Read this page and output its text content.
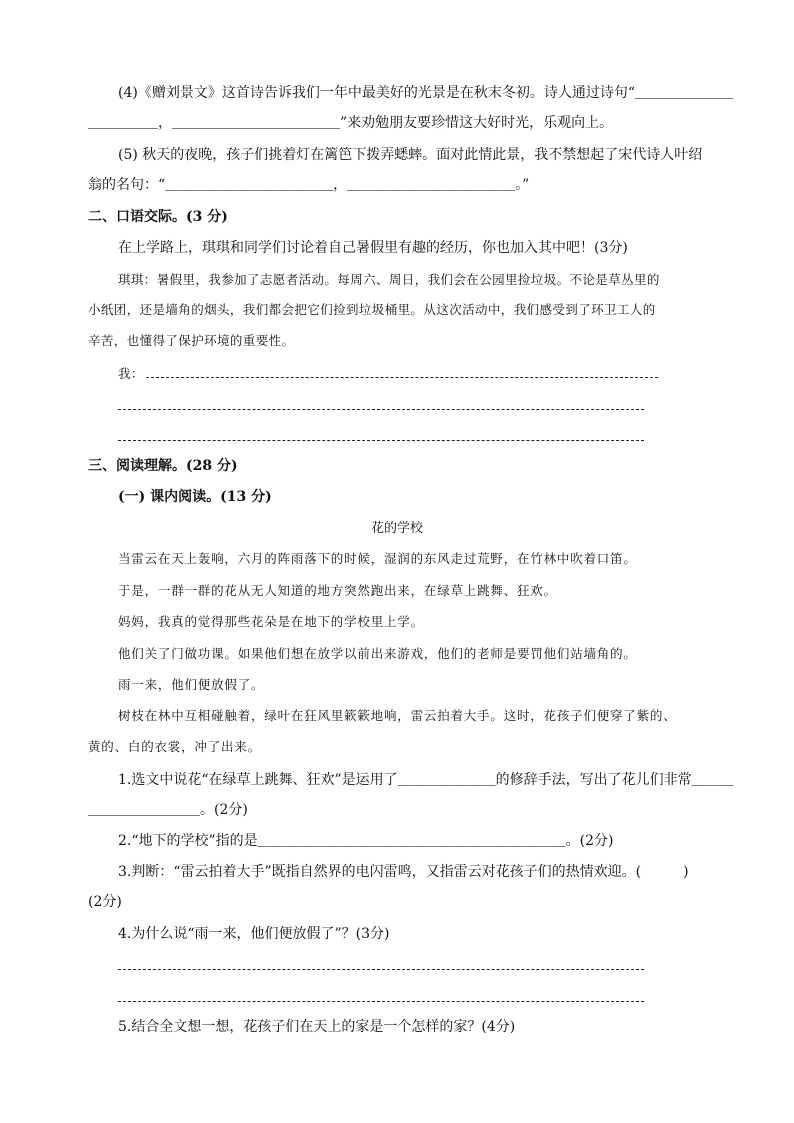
(4)《赠刘景文》这首诗告诉我们一年中最美好的光景是在秋末冬初。诗人通过诗句“＿＿＿＿＿＿＿
＿＿＿＿＿，＿＿＿＿＿＿＿＿＿＿＿＿”来劝勉朋友要珍惜这大好时光，乐观向上。
(5) 秋天的夜晚，孩子们挑着灯在篱笆下拨弄蟋蟀。面对此情此景，我不禁想起了宋代诗人叶绍
翁的名句：“＿＿＿＿＿＿＿＿＿＿＿＿，＿＿＿＿＿＿＿＿＿＿＿＿。”
二、口语交际。(3 分)
在上学路上，琪琪和同学们讨论着自己暑假里有趣的经历，你也加入其中吧！(3分)
琪琪：暑假里，我参加了志愿者活动。每周六、周日，我们会在公园里捡垃圾。不论是草丛里的
小纸团，还是墙角的烟头，我们都会把它们捡到垃圾桶里。从这次活动中，我们感受到了环卫工人的
辛苦，也懂得了保护环境的重要性。
我：
三、阅读理解。(28 分)
(一) 课内阅读。(13 分)
花的学校
当雷云在天上轰响，六月的阵雨落下的时候，湿润的东风走过荒野，在竹林中吹着口笛。
于是，一群一群的花从无人知道的地方突然跑出来，在绿草上跳舞、狂欢。
妈妈，我真的觉得那些花朵是在地下的学校里上学。
他们关了门做功课。如果他们想在放学以前出来游戏，他们的老师是要罚他们站墙角的。
雨一来，他们便放假了。
树枝在林中互相碰触着，绿叶在狂风里簌簌地响，雷云拍着大手。这时，花孩子们便穿了紫的、
黄的、白的衣裳，冲了出来。
1.选文中说花“在绿草上跳舞、狂欢”是运用了＿＿＿＿＿＿＿的修辞手法，写出了花儿们非常＿＿＿
＿＿＿＿＿＿＿＿。(2分)
2.“地下的学校”指的是＿＿＿＿＿＿＿＿＿＿＿＿＿＿＿＿＿＿＿＿＿＿。(2分)
3.判断：“雷云拍着大手”既指自然界的电闪雷鸣，又指雷云对花孩子们的热情欢迎。(　　　)
(2分)
4.为什么说“雨一来，他们便放假了”？(3分)
5.结合全文想一想，花孩子们在天上的家是一个怎样的家？(4分)
